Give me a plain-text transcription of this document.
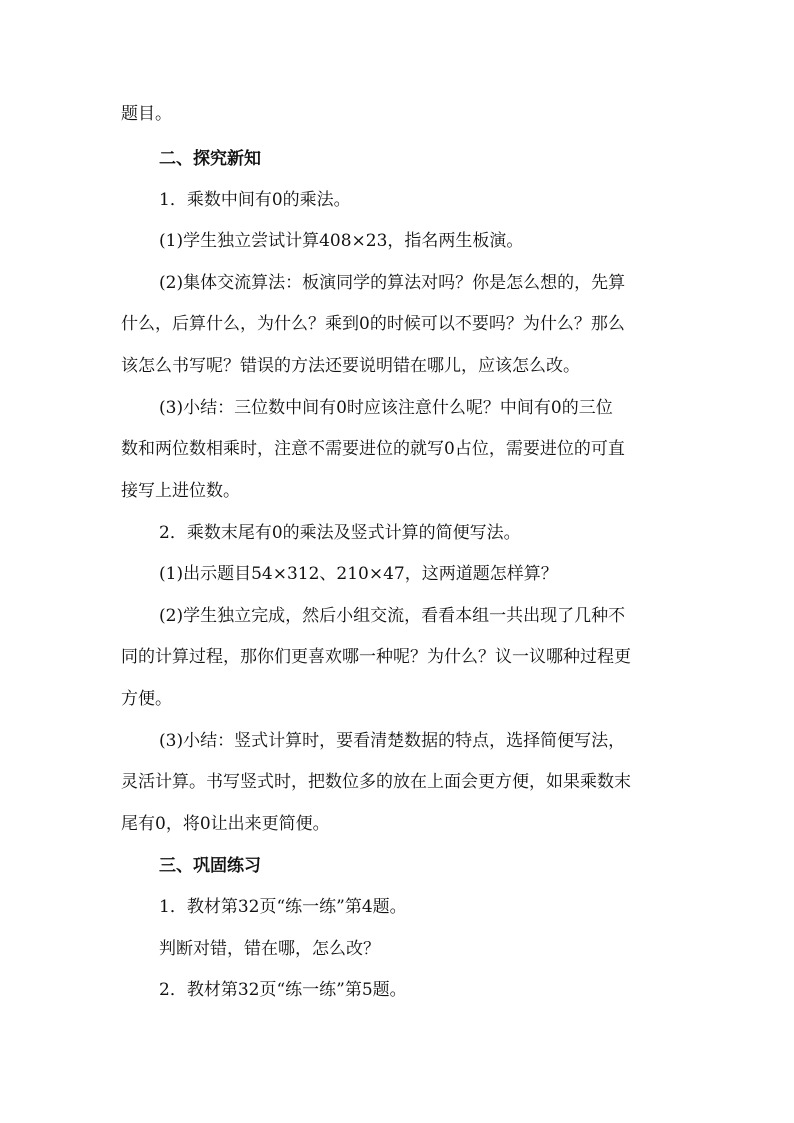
题目。
二、探究新知
1．乘数中间有0的乘法。
(1)学生独立尝试计算408×23，指名两生板演。
(2)集体交流算法：板演同学的算法对吗？你是怎么想的，先算
什么，后算什么，为什么？乘到0的时候可以不要吗？为什么？那么
该怎么书写呢？错误的方法还要说明错在哪儿，应该怎么改。
(3)小结：三位数中间有0时应该注意什么呢？中间有0的三位
数和两位数相乘时，注意不需要进位的就写0占位，需要进位的可直
接写上进位数。
2．乘数末尾有0的乘法及竖式计算的简便写法。
(1)出示题目54×312、210×47，这两道题怎样算？
(2)学生独立完成，然后小组交流，看看本组一共出现了几种不
同的计算过程，那你们更喜欢哪一种呢？为什么？议一议哪种过程更
方便。
(3)小结：竖式计算时，要看清楚数据的特点，选择简便写法，
灵活计算。书写竖式时，把数位多的放在上面会更方便，如果乘数末
尾有0，将0让出来更简便。
三、巩固练习
1．教材第32页“练一练”第4题。
判断对错，错在哪，怎么改？
2．教材第32页“练一练”第5题。
